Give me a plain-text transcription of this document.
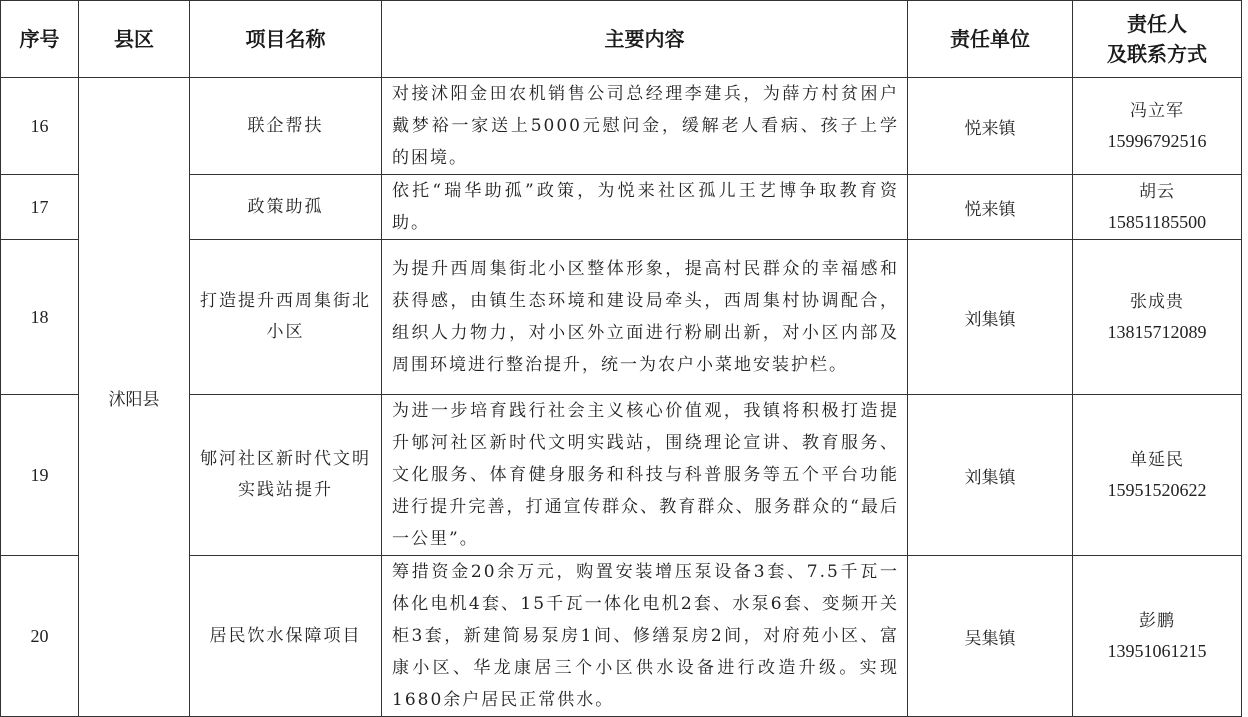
序号	县区	项目名称	主要内容	责任单位	责任人
及联系方式

16	沭阳县	联企帮扶	对接沭阳金田农机销售公司总经理李建兵，为薛方村贫困户戴梦裕一家送上5000元慰问金，缓解老人看病、孩子上学的困境。	悦来镇	冯立军
15996792516

17		政策助孤	依托“瑞华助孤”政策，为悦来社区孤儿王艺博争取教育资助。	悦来镇	胡云
15851185500

18		打造提升西周集街北小区	为提升西周集街北小区整体形象，提高村民群众的幸福感和获得感，由镇生态环境和建设局牵头，西周集村协调配合，组织人力物力，对小区外立面进行粉刷出新，对小区内部及周围环境进行整治提升，统一为农户小菜地安装护栏。	刘集镇	张成贵
13815712089

19		郇河社区新时代文明实践站提升	为进一步培育践行社会主义核心价值观，我镇将积极打造提升郇河社区新时代文明实践站，围绕理论宣讲、教育服务、文化服务、体育健身服务和科技与科普服务等五个平台功能进行提升完善，打通宣传群众、教育群众、服务群众的“最后一公里”。	刘集镇	单延民
15951520622

20		居民饮水保障项目	筹措资金20余万元，购置安装增压泵设备3套、7.5千瓦一体化电机4套、15千瓦一体化电机2套、水泵6套、变频开关柜3套，新建简易泵房1间、修缮泵房2间，对府苑小区、富康小区、华龙康居三个小区供水设备进行改造升级。实现1680余户居民正常供水。	吴集镇	彭鹏
13951061215
